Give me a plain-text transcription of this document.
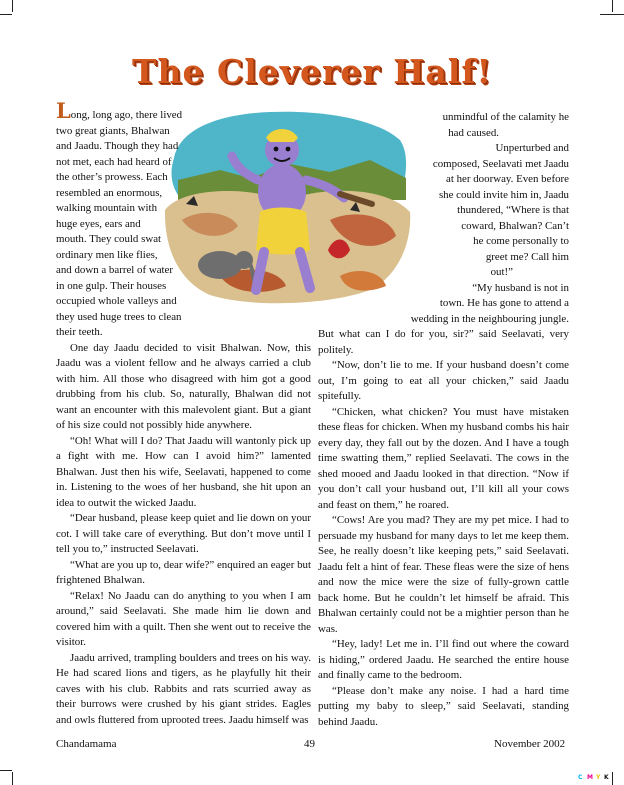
The Cleverer Half!
Long, long ago, there lived
two great giants, Bhalwan
and Jaadu. Though they had
not met, each had heard of
the other’s prowess. Each
resembled an enormous,
walking mountain with
huge eyes, ears and
mouth. They could swat
ordinary men like flies,
and down a barrel of water
in one gulp. Their houses
occupied whole valleys and
they used huge trees to clean
their teeth.

One day Jaadu decided to visit Bhalwan. Now, this Jaadu was a violent fellow and he always carried a club with him. All those who disagreed with him got a good drubbing from his club. So, naturally, Bhalwan did not want an encounter with this malevolent giant. But a giant of his size could not possibly hide anywhere.

“Oh! What will I do? That Jaadu will wantonly pick up a fight with me. How can I avoid him?” lamented Bhalwan. Just then his wife, Seelavati, happened to come in. Listening to the woes of her husband, she hit upon an idea to outwit the wicked Jaadu.

“Dear husband, please keep quiet and lie down on your cot. I will take care of everything. But don’t move until I tell you to,” instructed Seelavati.

“What are you up to, dear wife?” enquired an eager but frightened Bhalwan.

“Relax! No Jaadu can do anything to you when I am around,” said Seelavati. She made him lie down and covered him with a quilt. Then she went out to receive the visitor.

Jaadu arrived, trampling boulders and trees on his way. He had scared lions and tigers, as he playfully hit their caves with his club. Rabbits and rats scurried away as their burrows were crushed by his giant strides. Eagles and owls fluttered from uprooted trees. Jaadu himself was

unmindful of the calamity he
had caused.
Unperturbed and
composed, Seelavati met Jaadu
at her doorway. Even before
she could invite him in, Jaadu
thundered, “Where is that
coward, Bhalwan? Can’t
he come personally to
greet me? Call him
out!”
“My husband is not in
town. He has gone to attend a
wedding in the neighbouring jungle.

But what can I do for you, sir?” said Seelavati, very politely.

“Now, don’t lie to me. If your husband doesn’t come out, I’m going to eat all your chicken,” said Jaadu spitefully.

“Chicken, what chicken? You must have mistaken these fleas for chicken. When my husband combs his hair every day, they fall out by the dozen. And I have a tough time swatting them,” replied Seelavati. The cows in the shed mooed and Jaadu looked in that direction. “Now if you don’t call your husband out, I’ll kill all your cows and feast on them,” he roared.

“Cows! Are you mad? They are my pet mice. I had to persuade my husband for many days to let me keep them. See, he really doesn’t like keeping pets,” said Seelavati. Jaadu felt a hint of fear. These fleas were the size of hens and now the mice were the size of fully-grown cattle back home. But he couldn’t let himself be afraid. This Bhalwan certainly could not be a mightier person than he was.

“Hey, lady! Let me in. I’ll find out where the coward is hiding,” ordered Jaadu. He searched the entire house and finally came to the bedroom.

“Please don’t make any noise. I had a hard time putting my baby to sleep,” said Seelavati, standing behind Jaadu.

Chandamama	49	November 2002
C M Y K
